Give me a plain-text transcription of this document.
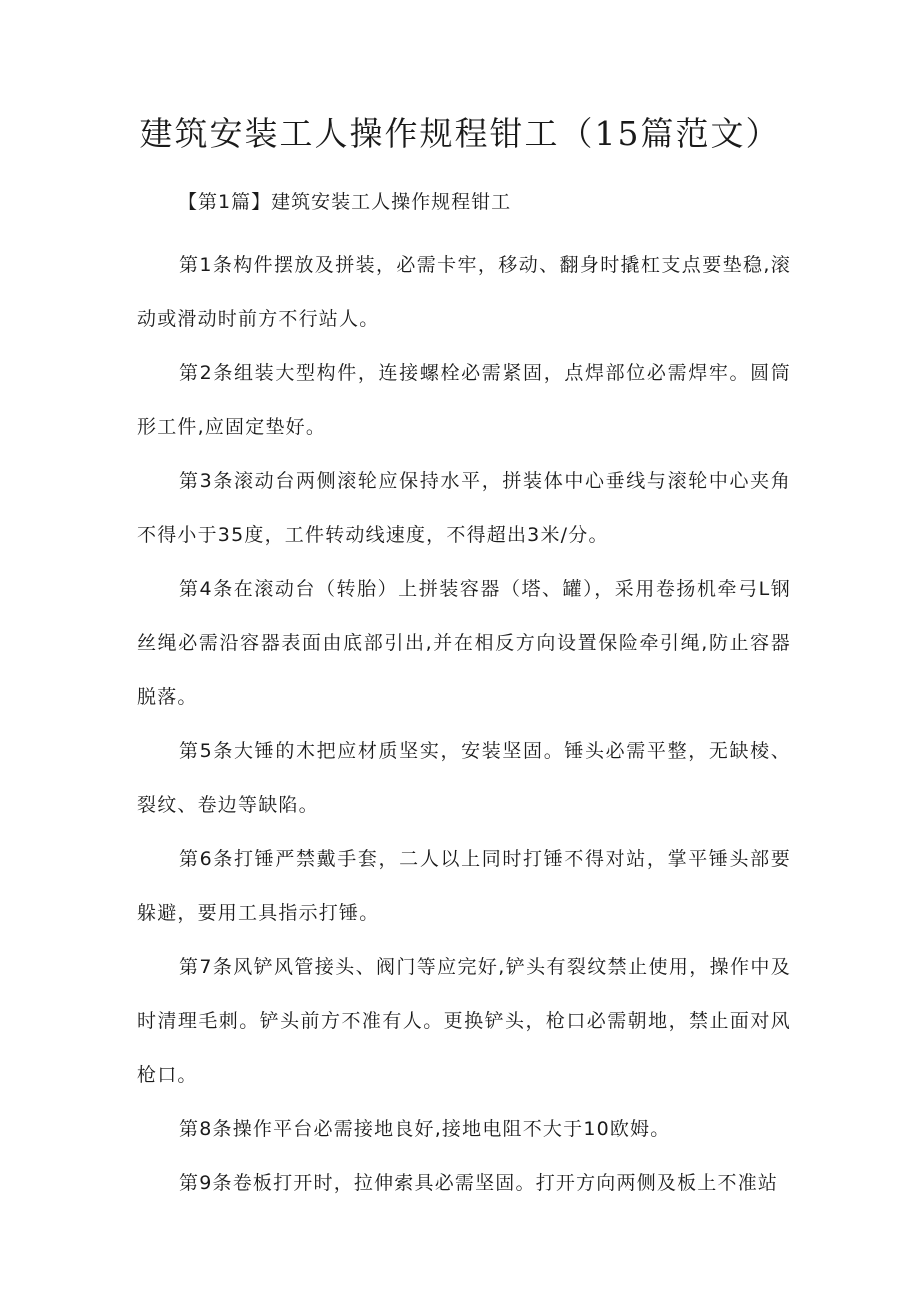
建筑安装工人操作规程钳工（15篇范文）
【第1篇】建筑安装工人操作规程钳工

第1条构件摆放及拼装，必需卡牢，移动、翻身时撬杠支点要垫稳,滚动或滑动时前方不行站人。

第2条组装大型构件，连接螺栓必需紧固，点焊部位必需焊牢。圆筒形工件,应固定垫好。

第3条滚动台两侧滚轮应保持水平，拼装体中心垂线与滚轮中心夹角不得小于35度，工件转动线速度，不得超出3米/分。

第4条在滚动台（转胎）上拼装容器（塔、罐），采用卷扬机牵弓L钢丝绳必需沿容器表面由底部引出,并在相反方向设置保险牵引绳,防止容器脱落。

第5条大锤的木把应材质坚实，安装坚固。锤头必需平整，无缺棱、裂纹、卷边等缺陷。

第6条打锤严禁戴手套，二人以上同时打锤不得对站，掌平锤头部要躲避，要用工具指示打锤。

第7条风铲风管接头、阀门等应完好,铲头有裂纹禁止使用，操作中及时清理毛刺。铲头前方不准有人。更换铲头，枪口必需朝地，禁止面对风枪口。

第8条操作平台必需接地良好,接地电阻不大于10欧姆。

第9条卷板打开时，拉伸索具必需坚固。打开方向两侧及板上不准站
